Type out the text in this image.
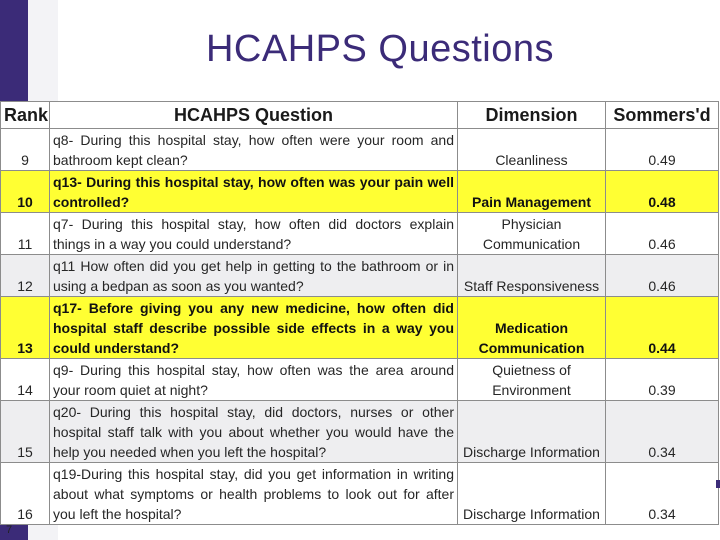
HCAHPS Questions
Rank	HCAHPS Question	Dimension	Sommers'd
9	q8- During this hospital stay, how often were your room and bathroom kept clean?	Cleanliness	0.49
10	q13- During this hospital stay, how often was your pain well controlled?	Pain Management	0.48
11	q7- During this hospital stay, how often did doctors explain things in a way you could understand?	Physician Communication	0.46
12	q11 How often did you get help in getting to the bathroom or in using a bedpan as soon as you wanted?	Staff Responsiveness	0.46
13	q17- Before giving you any new medicine, how often did hospital staff describe possible side effects in a way you could understand?	Medication Communication	0.44
14	q9- During this hospital stay, how often was the area around your room quiet at night?	Quietness of Environment	0.39
15	q20- During this hospital stay, did doctors, nurses or other hospital staff talk with you about whether you would have the help you needed when you left the hospital?	Discharge Information	0.34
16	q19-During this hospital stay, did you get information in writing about what symptoms or health problems to look out for after you left the hospital?	Discharge Information	0.34
7
